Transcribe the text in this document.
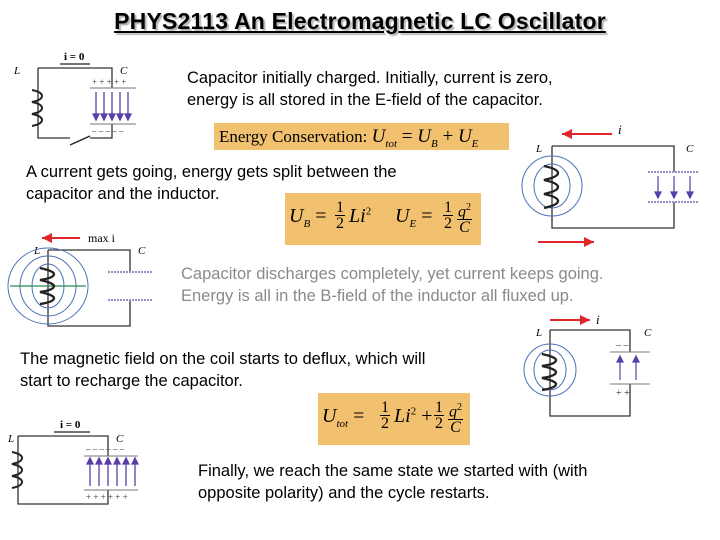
PHYS2113 An Electromagnetic LC Oscillator
Capacitor initially charged. Initially, current is zero,
energy is all stored in the E-field of the capacitor.
Energy Conservation: $U_{tot} = U_B + U_E$
A current gets going, energy gets split between the
capacitor and the inductor.
$U_B = \frac{1}{2} Li^2$ $U_E = \frac{1}{2} \frac{q^2}{C}$
Capacitor discharges completely, yet current keeps going.
Energy is all in the B-field of the inductor all fluxed up.
The magnetic field on the coil starts to deflux, which will
start to recharge the capacitor.
$U_{tot} = \frac{1}{2} Li^2 + \frac{1}{2} \frac{q^2}{C}$
Finally, we reach the same state we started with (with
opposite polarity) and the cycle restarts.
i = 0
L	C
+ + + + +
– – – – –	i
L	C
max i
L	C
i
L	C
– –
+ +
i = 0
L	C
– – – – – –
+ + + + + +
